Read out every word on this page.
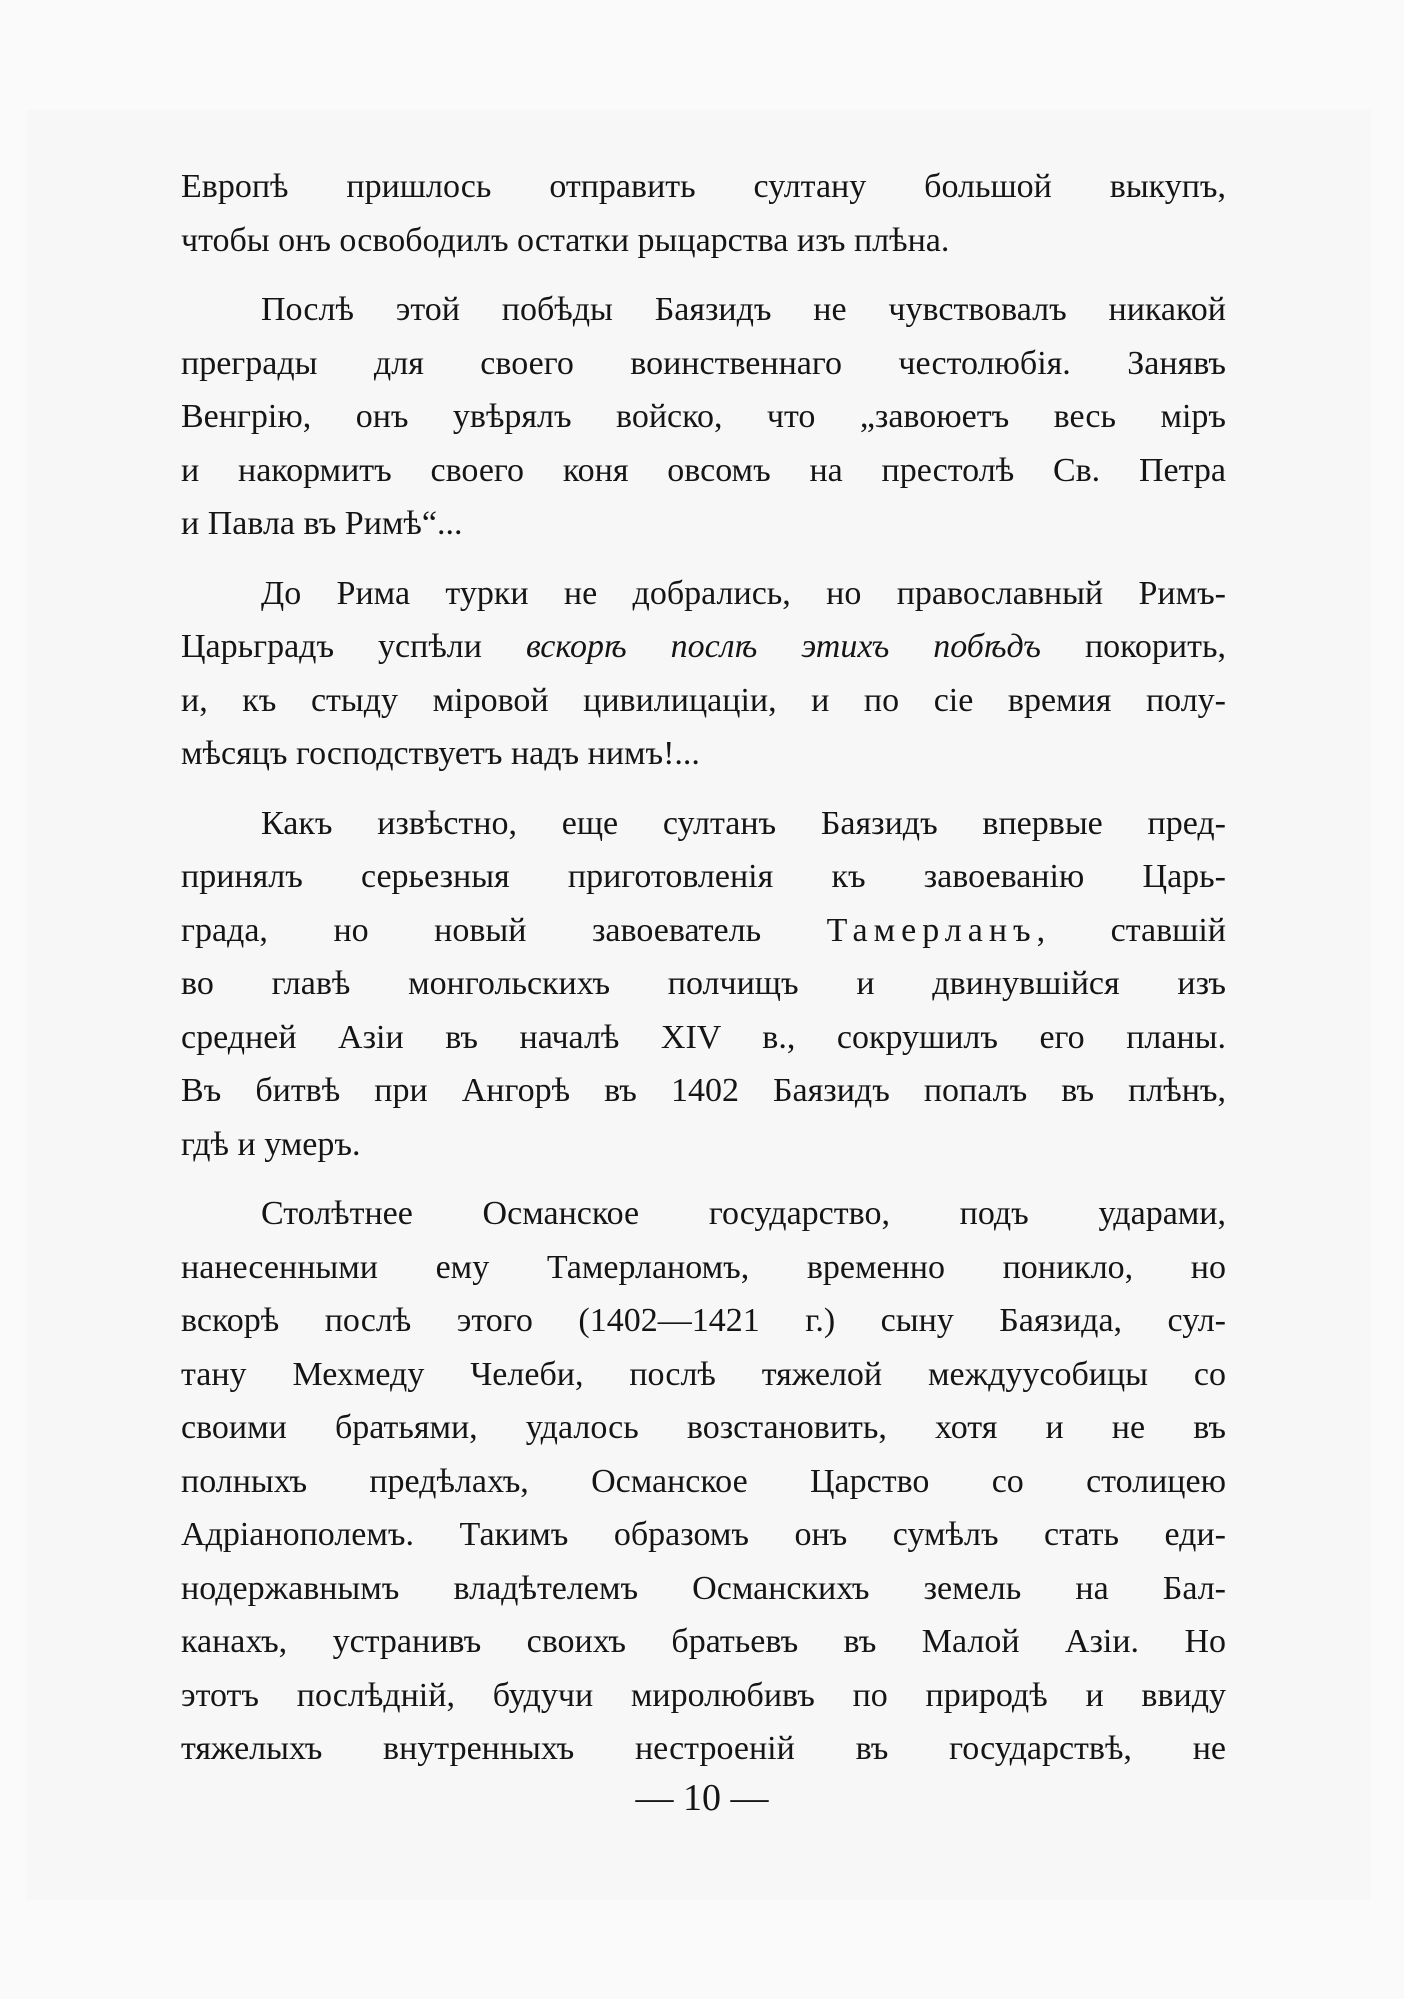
Европѣ пришлось отправить султану большой выкупъ,
чтобы онъ освободилъ остатки рыцарства изъ плѣна.
Послѣ этой побѣды Баязидъ не чувствовалъ никакой
преграды для своего воинственнаго честолюбія. Занявъ
Венгрію, онъ увѣрялъ войско, что „завоюетъ весь міръ
и накормитъ своего коня овсомъ на престолѣ Св. Петра
и Павла въ Римѣ“...
До Рима турки не добрались, но православный Римъ-
Царьградъ успѣли вскорѣ послѣ этихъ побѣдъ покорить,
и, къ стыду міровой цивилицаціи, и по сіе времия полу-
мѣсяцъ господствуетъ надъ нимъ!...
Какъ извѣстно, еще султанъ Баязидъ впервые пред-
принялъ серьезныя приготовленія къ завоеванію Царь-
града, но новый завоеватель Тамерланъ, ставшій
во главѣ монгольскихъ полчищъ и двинувшійся изъ
средней Азіи въ началѣ XIV в., сокрушилъ его планы.
Въ битвѣ при Ангорѣ въ 1402 Баязидъ попалъ въ плѣнъ,
гдѣ и умеръ.
Столѣтнее Османское государство, подъ ударами,
нанесенными ему Тамерланомъ, временно поникло, но
вскорѣ послѣ этого (1402—1421 г.) сыну Баязида, сул-
тану Мехмеду Челеби, послѣ тяжелой междуусобицы со
своими братьями, удалось возстановить, хотя и не въ
полныхъ предѣлахъ, Османское Царство со столицею
Адріанополемъ. Такимъ образомъ онъ сумѣлъ стать еди-
нодержавнымъ владѣтелемъ Османскихъ земель на Бал-
канахъ, устранивъ своихъ братьевъ въ Малой Азіи. Но
этотъ послѣдній, будучи миролюбивъ по природѣ и ввиду
тяжелыхъ внутренныхъ нестроеній въ государствѣ, не
— 10 —
